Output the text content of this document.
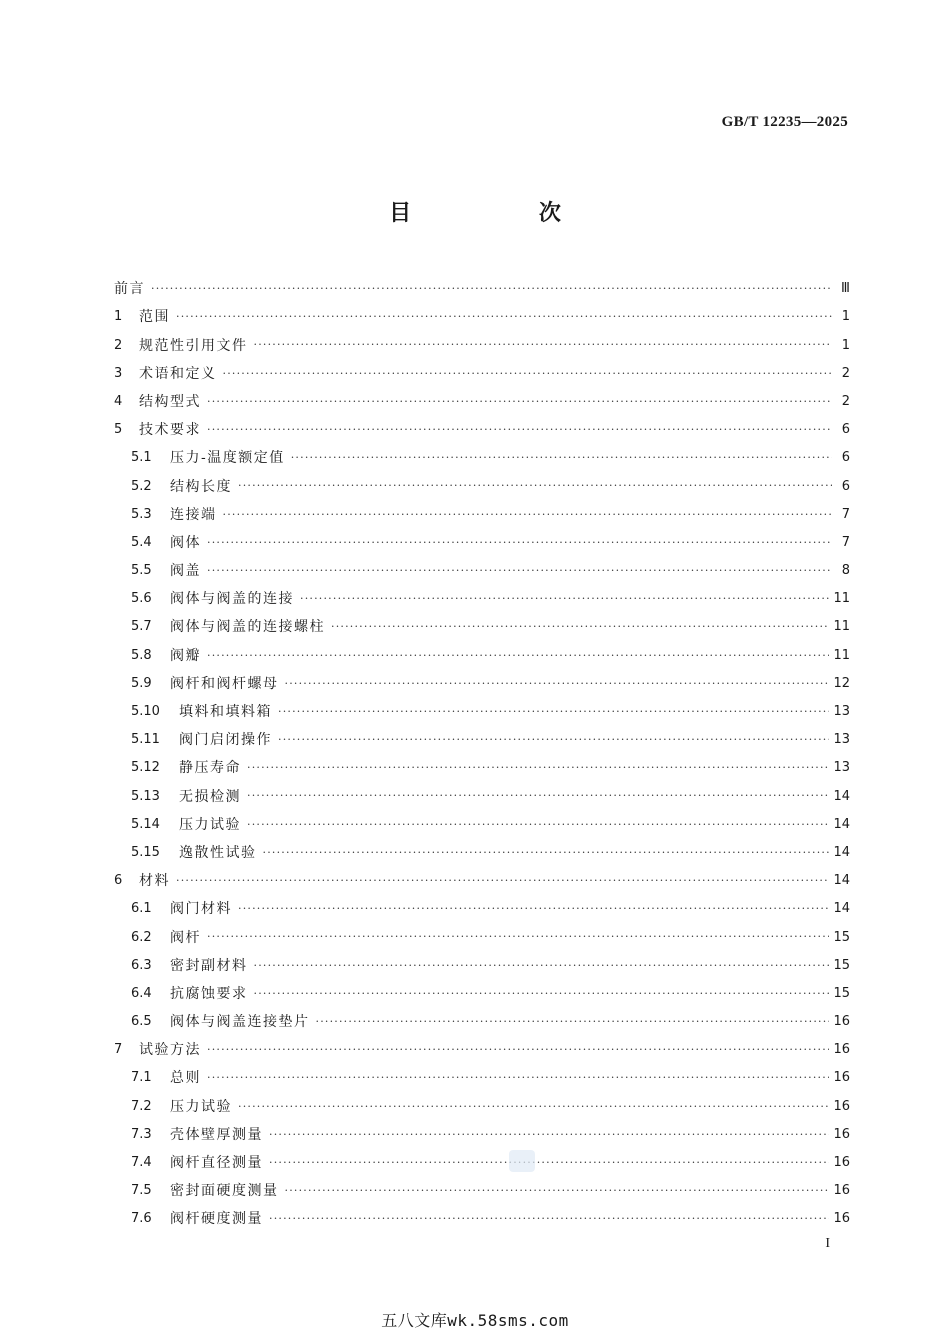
GB/T 12235—2025
目 次
前言 ·····	Ⅲ
1	范围 ·····	1
2	规范性引用文件 ·····	1
3	术语和定义 ·····	2
4	结构型式 ·····	2
5	技术要求 ·····	6
5.1	压力-温度额定值 ·····	6
5.2	结构长度 ·····	6
5.3	连接端 ·····	7
5.4	阀体 ·····	7
5.5	阀盖 ·····	8
5.6	阀体与阀盖的连接 ·····	11
5.7	阀体与阀盖的连接螺柱 ·····	11
5.8	阀瓣 ·····	11
5.9	阀杆和阀杆螺母 ·····	12
5.10	填料和填料箱 ·····	13
5.11	阀门启闭操作 ·····	13
5.12	静压寿命 ·····	13
5.13	无损检测 ·····	14
5.14	压力试验 ·····	14
5.15	逸散性试验 ·····	14
6	材料 ·····	14
6.1	阀门材料 ·····	14
6.2	阀杆 ·····	15
6.3	密封副材料 ·····	15
6.4	抗腐蚀要求 ·····	15
6.5	阀体与阀盖连接垫片 ·····	16
7	试验方法 ·····	16
7.1	总则 ·····	16
7.2	压力试验 ·····	16
7.3	壳体壁厚测量 ·····	16
7.4	阀杆直径测量 ·····	16
7.5	密封面硬度测量 ·····	16
7.6	阀杆硬度测量 ·····	16
I
五八文库wk.58sms.com
